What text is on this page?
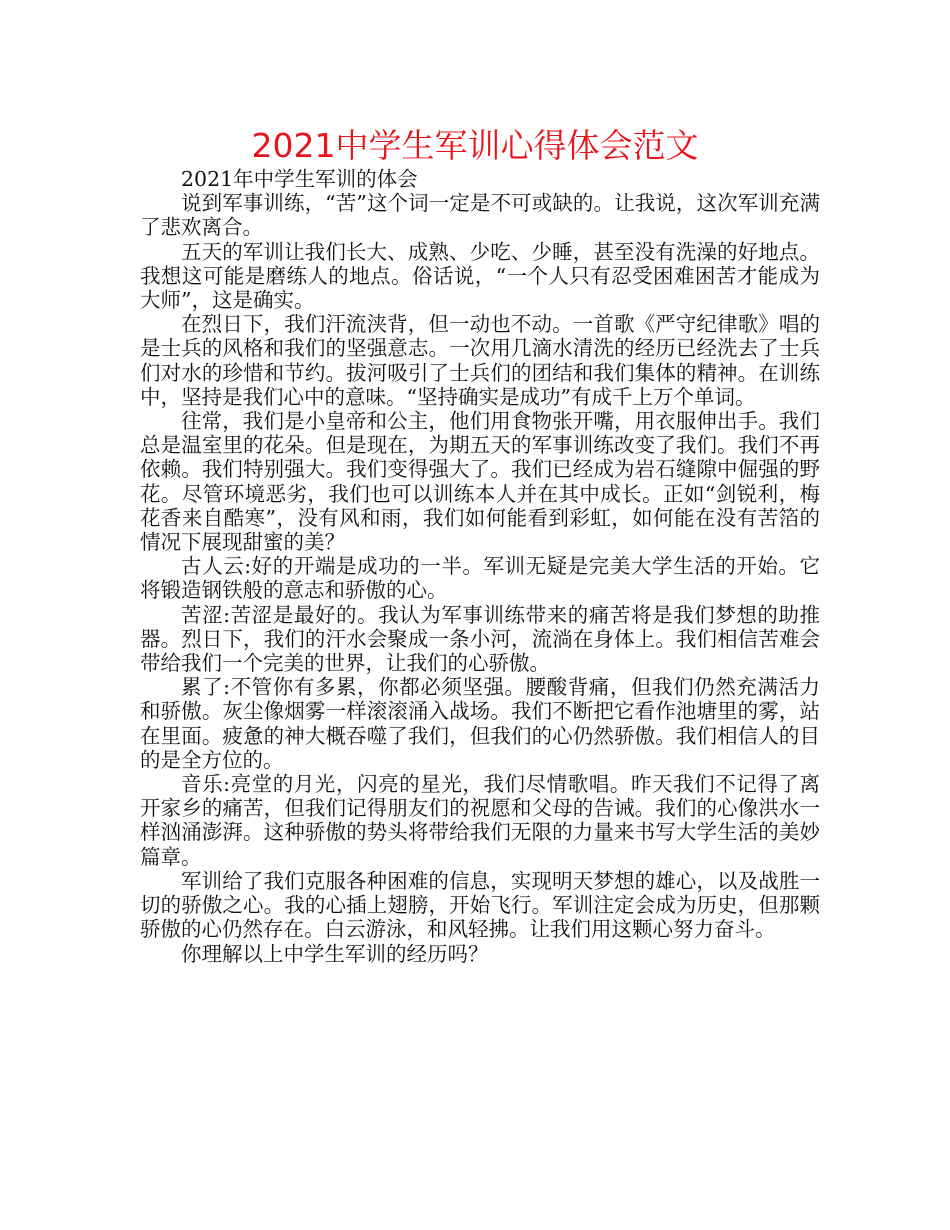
2021中学生军训心得体会范文

2021年中学生军训的体会

说到军事训练，“苦”这个词一定是不可或缺的。让我说，这次军训充满了悲欢离合。

五天的军训让我们长大、成熟、少吃、少睡，甚至没有洗澡的好地点。我想这可能是磨练人的地点。俗话说，“一个人只有忍受困难困苦才能成为大师”，这是确实。

在烈日下，我们汗流浃背，但一动也不动。一首歌《严守纪律歌》唱的是士兵的风格和我们的坚强意志。一次用几滴水清洗的经历已经洗去了士兵们对水的珍惜和节约。拔河吸引了士兵们的团结和我们集体的精神。在训练中，坚持是我们心中的意味。“坚持确实是成功”有成千上万个单词。

往常，我们是小皇帝和公主，他们用食物张开嘴，用衣服伸出手。我们总是温室里的花朵。但是现在，为期五天的军事训练改变了我们。我们不再依赖。我们特别强大。我们变得强大了。我们已经成为岩石缝隙中倔强的野花。尽管环境恶劣，我们也可以训练本人并在其中成长。正如“剑锐利，梅花香来自酷寒”，没有风和雨，我们如何能看到彩虹，如何能在没有苦箔的情况下展现甜蜜的美？

古人云:好的开端是成功的一半。军训无疑是完美大学生活的开始。它将锻造钢铁般的意志和骄傲的心。

苦涩:苦涩是最好的。我认为军事训练带来的痛苦将是我们梦想的助推器。烈日下，我们的汗水会聚成一条小河，流淌在身体上。我们相信苦难会带给我们一个完美的世界，让我们的心骄傲。

累了:不管你有多累，你都必须坚强。腰酸背痛，但我们仍然充满活力和骄傲。灰尘像烟雾一样滚滚涌入战场。我们不断把它看作池塘里的雾，站在里面。疲惫的神大概吞噬了我们，但我们的心仍然骄傲。我们相信人的目的是全方位的。

音乐:亮堂的月光，闪亮的星光，我们尽情歌唱。昨天我们不记得了离开家乡的痛苦，但我们记得朋友们的祝愿和父母的告诫。我们的心像洪水一样汹涌澎湃。这种骄傲的势头将带给我们无限的力量来书写大学生活的美妙篇章。

军训给了我们克服各种困难的信息，实现明天梦想的雄心，以及战胜一切的骄傲之心。我的心插上翅膀，开始飞行。军训注定会成为历史，但那颗骄傲的心仍然存在。白云游泳，和风轻拂。让我们用这颗心努力奋斗。

你理解以上中学生军训的经历吗？
